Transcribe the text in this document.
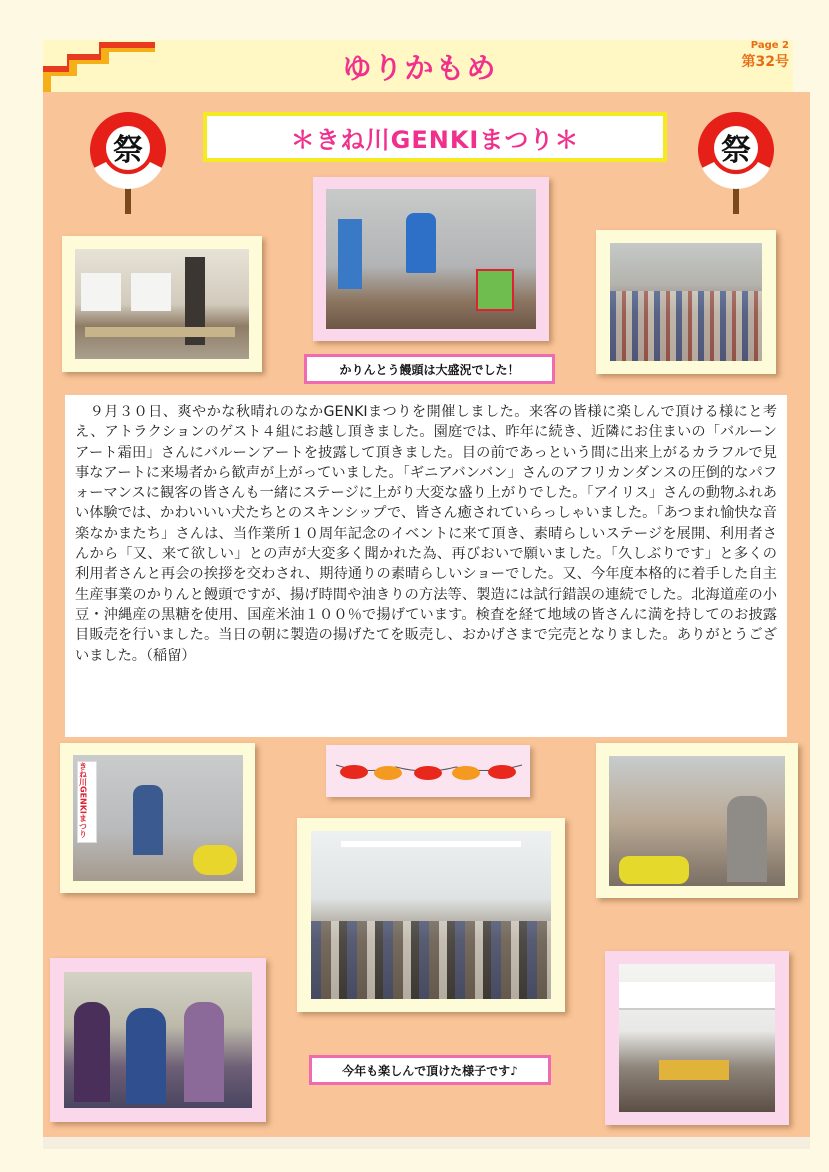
ゆりかもめ
Page 2
第32号
祭	祭
＊きね川GENKIまつり＊
かりんとう饅頭は大盛況でした！
　９月３０日、爽やかな秋晴れのなかGENKIまつりを開催しました。来客の皆様に楽しんで頂ける様にと考え、アトラクションのゲスト４組にお越し頂きました。園庭では、昨年に続き、近隣にお住まいの「バルーンアート霜田」さんにバルーンアートを披露して頂きました。目の前であっという間に出来上がるカラフルで見事なアートに来場者から歓声が上がっていました。「ギニアバンバン」さんのアフリカンダンスの圧倒的なパフォーマンスに観客の皆さんも一緒にステージに上がり大変な盛り上がりでした。「アイリス」さんの動物ふれあい体験では、かわいいい犬たちとのスキンシップで、皆さん癒されていらっしゃいました。「あつまれ愉快な音楽なかまたち」さんは、当作業所１０周年記念のイベントに来て頂き、素晴らしいステージを展開、利用者さんから「又、来て欲しい」との声が大変多く聞かれた為、再びおいで願いました。「久しぶりです」と多くの利用者さんと再会の挨拶を交わされ、期待通りの素晴らしいショーでした。又、今年度本格的に着手した自主生産事業のかりんと饅頭ですが、揚げ時間や油きりの方法等、製造には試行錯誤の連続でした。北海道産の小豆・沖縄産の黒糖を使用、国産米油１００％で揚げています。検査を経て地域の皆さんに満を持してのお披露目販売を行いました。当日の朝に製造の揚げたてを販売し、おかげさまで完売となりました。ありがとうございました。（稲留）
きね川GENKIまつり
今年も楽しんで頂けた様子です♪
